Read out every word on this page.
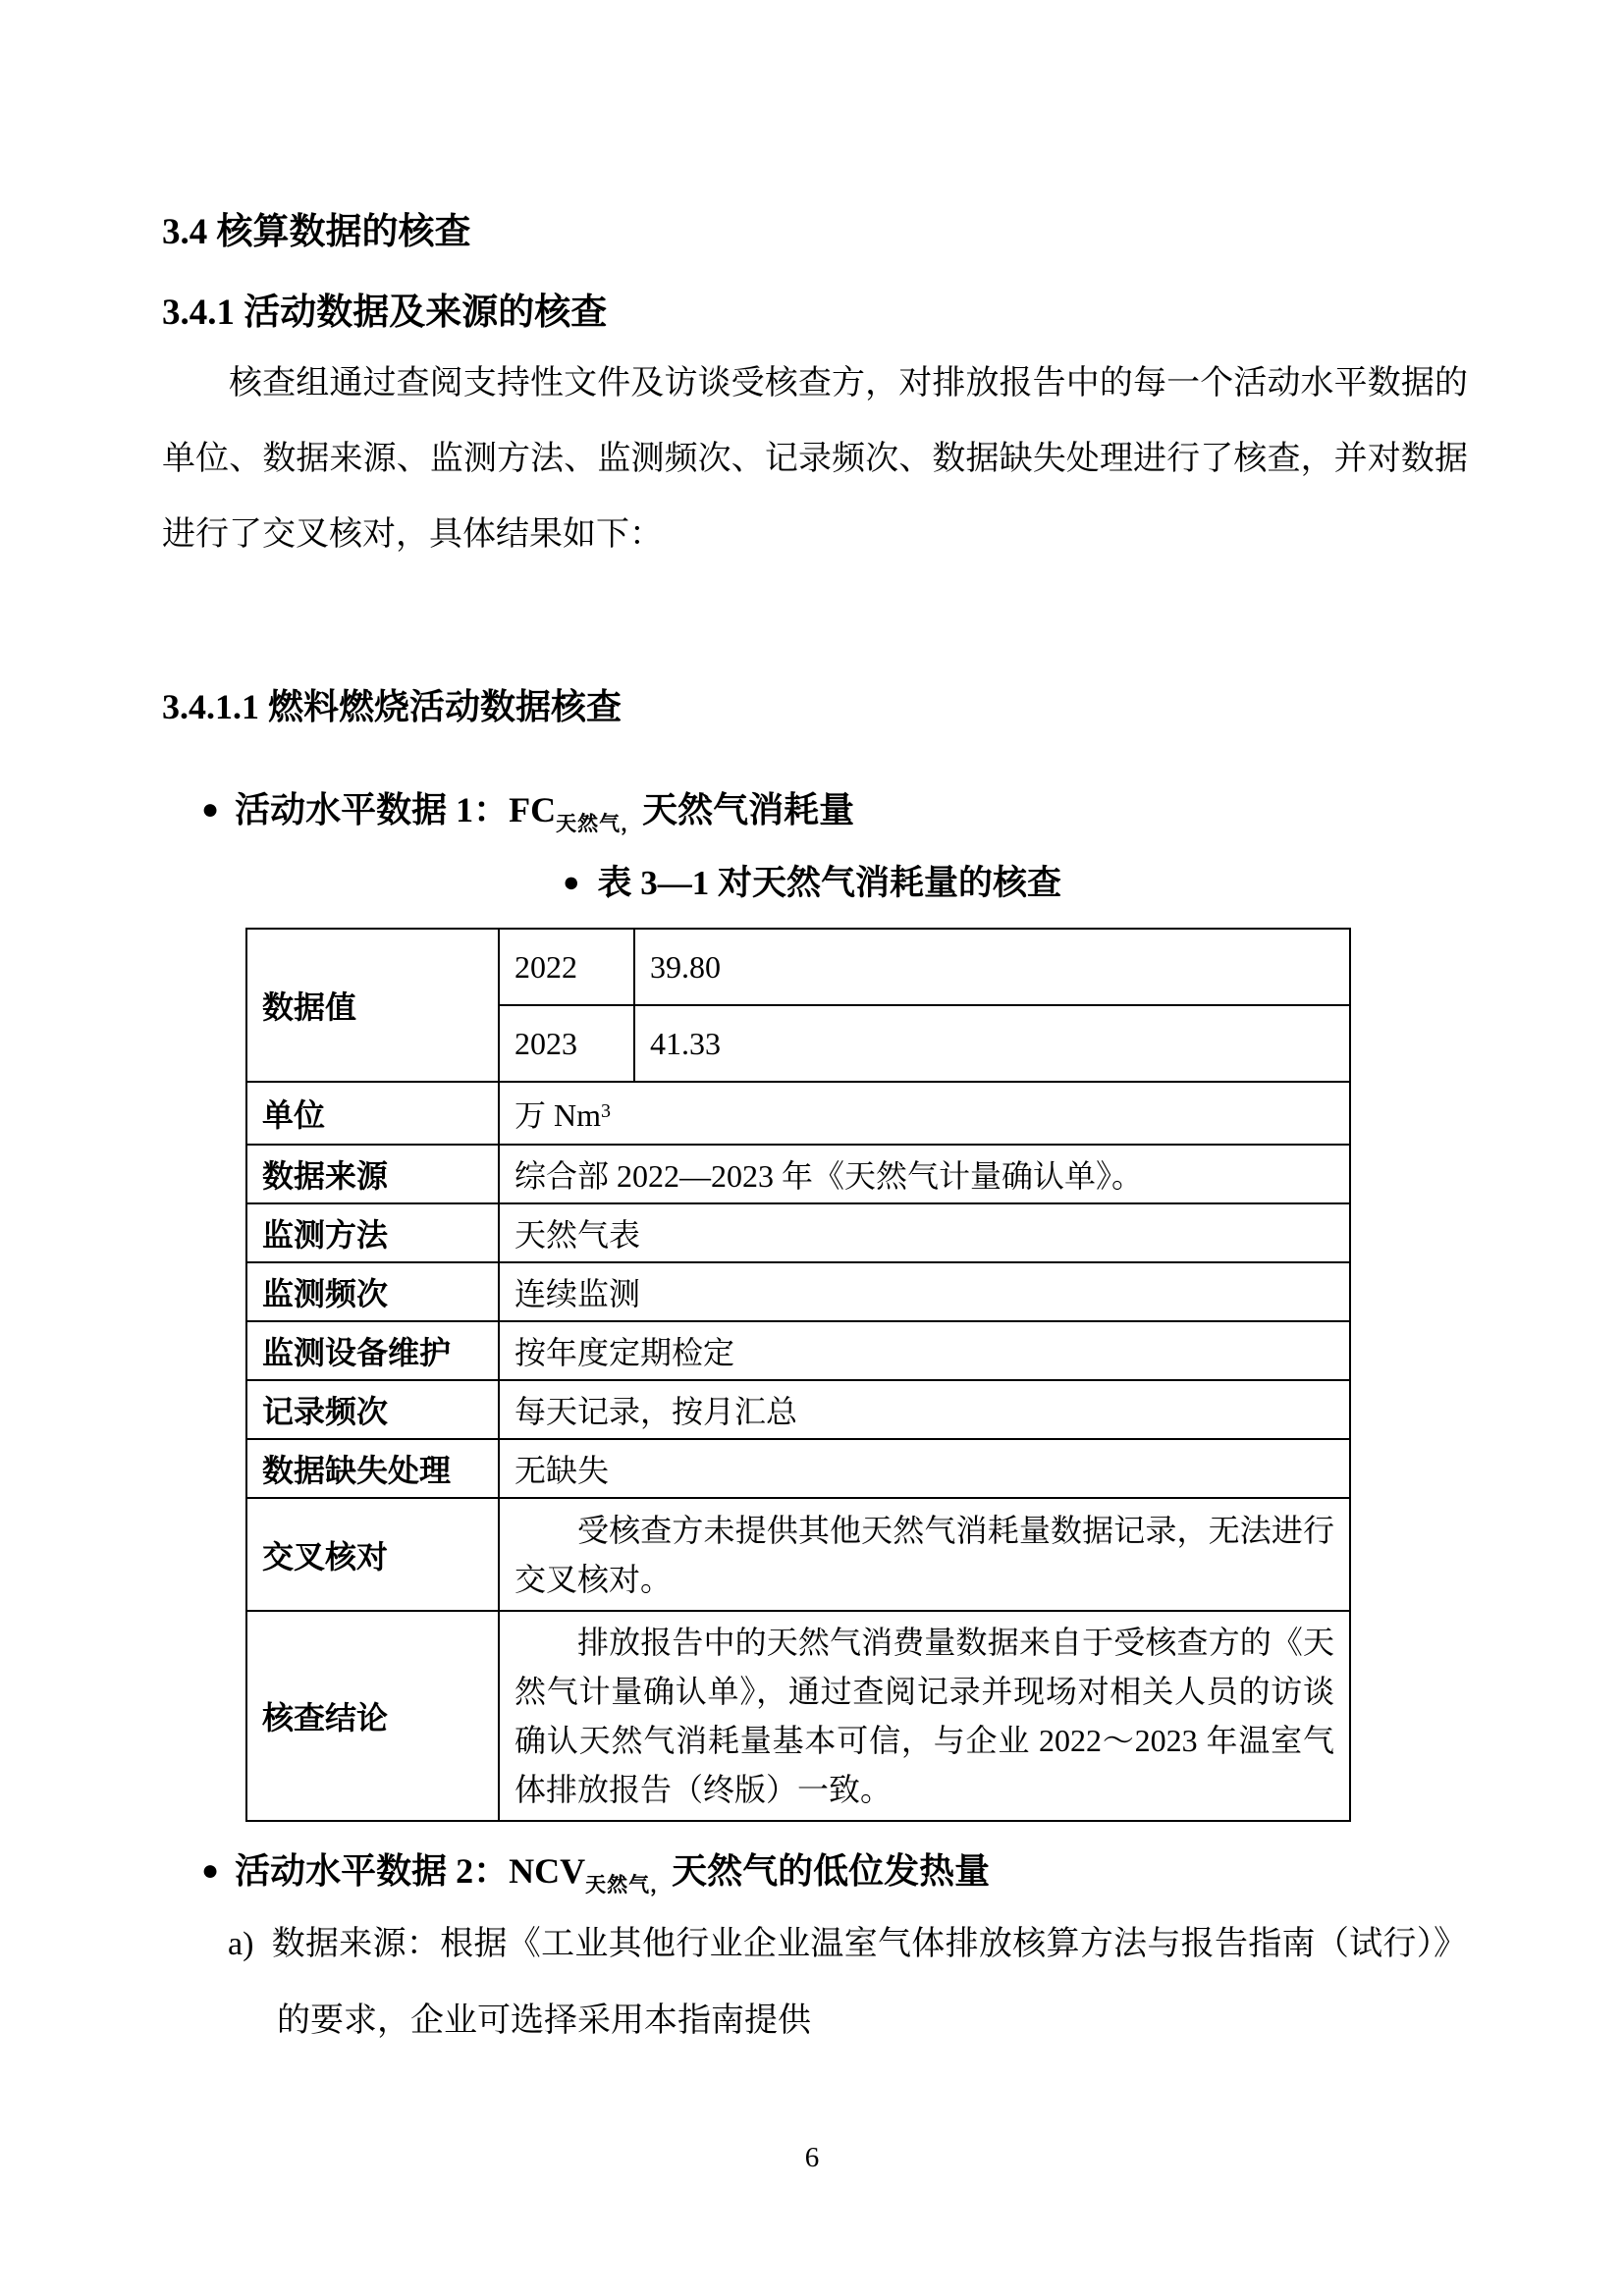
3.4 核算数据的核查
3.4.1 活动数据及来源的核查
核查组通过查阅支持性文件及访谈受核查方，对排放报告中的每一个活动水平数据的单位、数据来源、监测方法、监测频次、记录频次、数据缺失处理进行了核查，并对数据进行了交叉核对，具体结果如下：
3.4.1.1 燃料燃烧活动数据核查
● 活动水平数据 1：$FC_{天然气,}$天然气消耗量
● 表 3—1 对天然气消耗量的核查
数据值	2022	39.80
	2023	41.33
单位	万 Nm$^3$
数据来源	综合部 2022—2023 年《天然气计量确认单》。	
监测方法	天然气表	
监测频次	连续监测	
监测设备维护	按年度定期检定	
记录频次	每天记录，按月汇总	
数据缺失处理	无缺失	
交叉核对	受核查方未提供其他天然气消耗量数据记录，无法进行交叉核对。	
核查结论	排放报告中的天然气消费量数据来自于受核查方的《天然气计量确认单》，通过查阅记录并现场对相关人员的访谈确认天然气消耗量基本可信，与企业 2022～2023 年温室气体排放报告（终版）一致。	
● 活动水平数据 2：$NCV_{天然气,}$天然气的低位发热量
a) 数据来源：根据《工业其他行业企业温室气体排放核算方法与报告指南（试行）》的要求，企业可选择采用本指南提供
6
